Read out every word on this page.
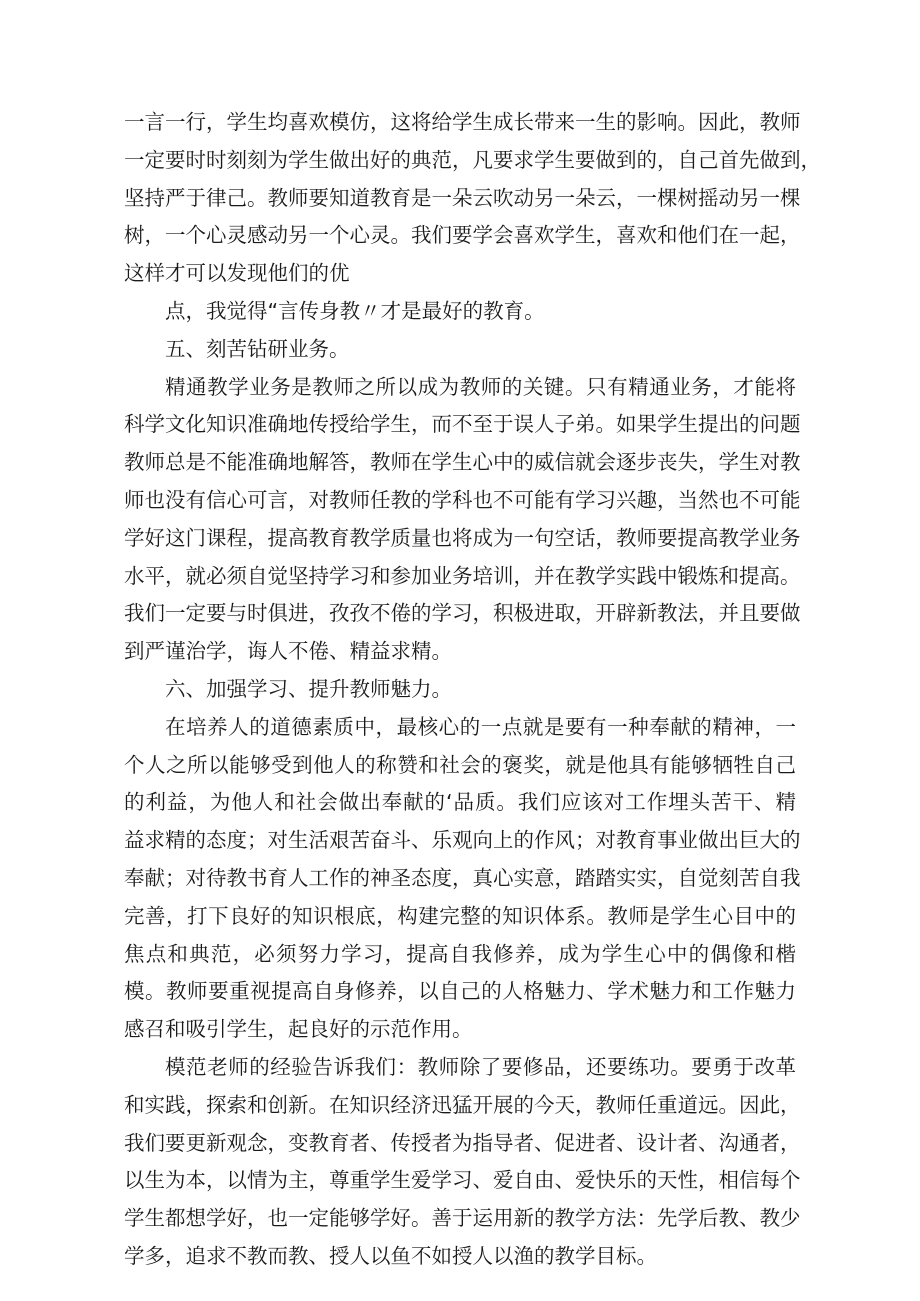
一言一行，学生均喜欢模仿，这将给学生成长带来一生的影响。因此，教师
一定要时时刻刻为学生做出好的典范，凡要求学生要做到的，自己首先做到，
坚持严于律己。教师要知道教育是一朵云吹动另一朵云，一棵树摇动另一棵
树，一个心灵感动另一个心灵。我们要学会喜欢学生，喜欢和他们在一起，
这样才可以发现他们的优
点，我觉得“言传身教〃才是最好的教育。
五、刻苦钻研业务。
精通教学业务是教师之所以成为教师的关键。只有精通业务，才能将
科学文化知识准确地传授给学生，而不至于误人子弟。如果学生提出的问题
教师总是不能准确地解答，教师在学生心中的威信就会逐步丧失，学生对教
师也没有信心可言，对教师任教的学科也不可能有学习兴趣，当然也不可能
学好这门课程，提高教育教学质量也将成为一句空话，教师要提高教学业务
水平，就必须自觉坚持学习和参加业务培训，并在教学实践中锻炼和提高。
我们一定要与时俱进，孜孜不倦的学习，积极进取，开辟新教法，并且要做
到严谨治学，诲人不倦、精益求精。
六、加强学习、提升教师魅力。
在培养人的道德素质中，最核心的一点就是要有一种奉献的精神，一
个人之所以能够受到他人的称赞和社会的褒奖，就是他具有能够牺牲自己
的利益，为他人和社会做出奉献的‘品质。我们应该对工作埋头苦干、精
益求精的态度；对生活艰苦奋斗、乐观向上的作风；对教育事业做出巨大的
奉献；对待教书育人工作的神圣态度，真心实意，踏踏实实，自觉刻苦自我
完善，打下良好的知识根底，构建完整的知识体系。教师是学生心目中的
焦点和典范，必须努力学习，提高自我修养，成为学生心中的偶像和楷
模。教师要重视提高自身修养，以自己的人格魅力、学术魅力和工作魅力
感召和吸引学生，起良好的示范作用。
模范老师的经验告诉我们：教师除了要修品，还要练功。要勇于改革
和实践，探索和创新。在知识经济迅猛开展的今天，教师任重道远。因此，
我们要更新观念，变教育者、传授者为指导者、促进者、设计者、沟通者，
以生为本，以情为主，尊重学生爱学习、爱自由、爱快乐的天性，相信每个
学生都想学好，也一定能够学好。善于运用新的教学方法：先学后教、教少
学多，追求不教而教、授人以鱼不如授人以渔的教学目标。
